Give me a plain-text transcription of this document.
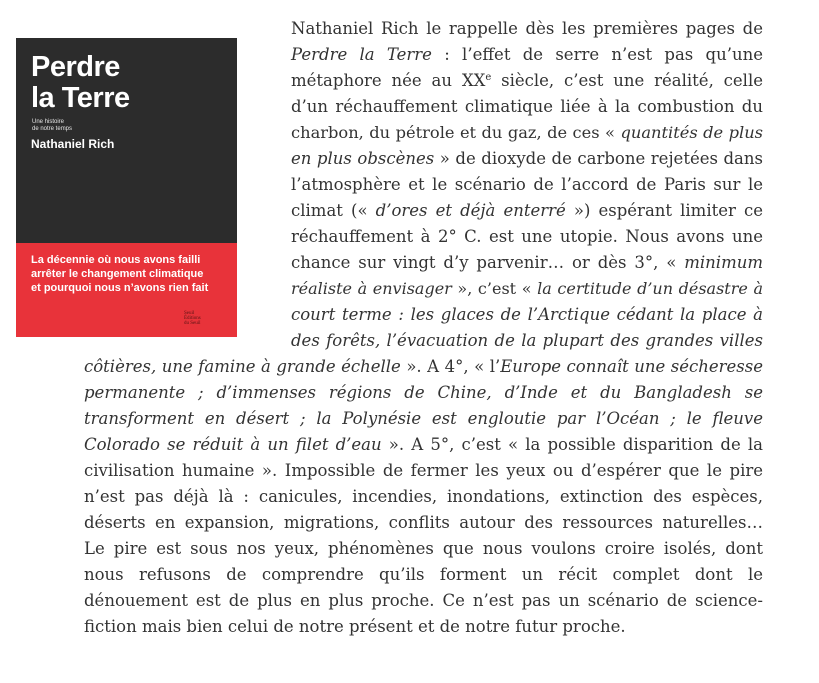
Perdre
la Terre
Une histoire
de notre temps
Nathaniel Rich
La décennie où nous avons failli
arrêter le changement climatique
et pourquoi nous n’avons rien fait
Seuil
Éditions
du Seuil
Nathaniel Rich le rappelle dès les premières pages de
Perdre la Terre : l’effet de serre n’est pas qu’une
métaphore née au XXe siècle, c’est une réalité, celle
d’un réchauffement climatique liée à la combustion du
charbon, du pétrole et du gaz, de ces « quantités de plus
en plus obscènes » de dioxyde de carbone rejetées dans
l’atmosphère et le scénario de l’accord de Paris sur le
climat (« d’ores et déjà enterré ») espérant limiter ce
réchauffement à 2° C. est une utopie. Nous avons une
chance sur vingt d’y parvenir… or dès 3°, « minimum
réaliste à envisager », c’est « la certitude d’un désastre à
court terme : les glaces de l’Arctique cédant la place à
des forêts, l’évacuation de la plupart des grandes villes
côtières, une famine à grande échelle ». A 4°, « l’Europe connaît une sécheresse
permanente ; d’immenses régions de Chine, d’Inde et du Bangladesh se
transforment en désert ; la Polynésie est engloutie par l’Océan ; le fleuve
Colorado se réduit à un filet d’eau ». A 5°, c’est « la possible disparition de la
civilisation humaine ». Impossible de fermer les yeux ou d’espérer que le pire
n’est pas déjà là : canicules, incendies, inondations, extinction des espèces,
déserts en expansion, migrations, conflits autour des ressources naturelles…
Le pire est sous nos yeux, phénomènes que nous voulons croire isolés, dont
nous refusons de comprendre qu’ils forment un récit complet dont le
dénouement est de plus en plus proche. Ce n’est pas un scénario de science-
fiction mais bien celui de notre présent et de notre futur proche.
